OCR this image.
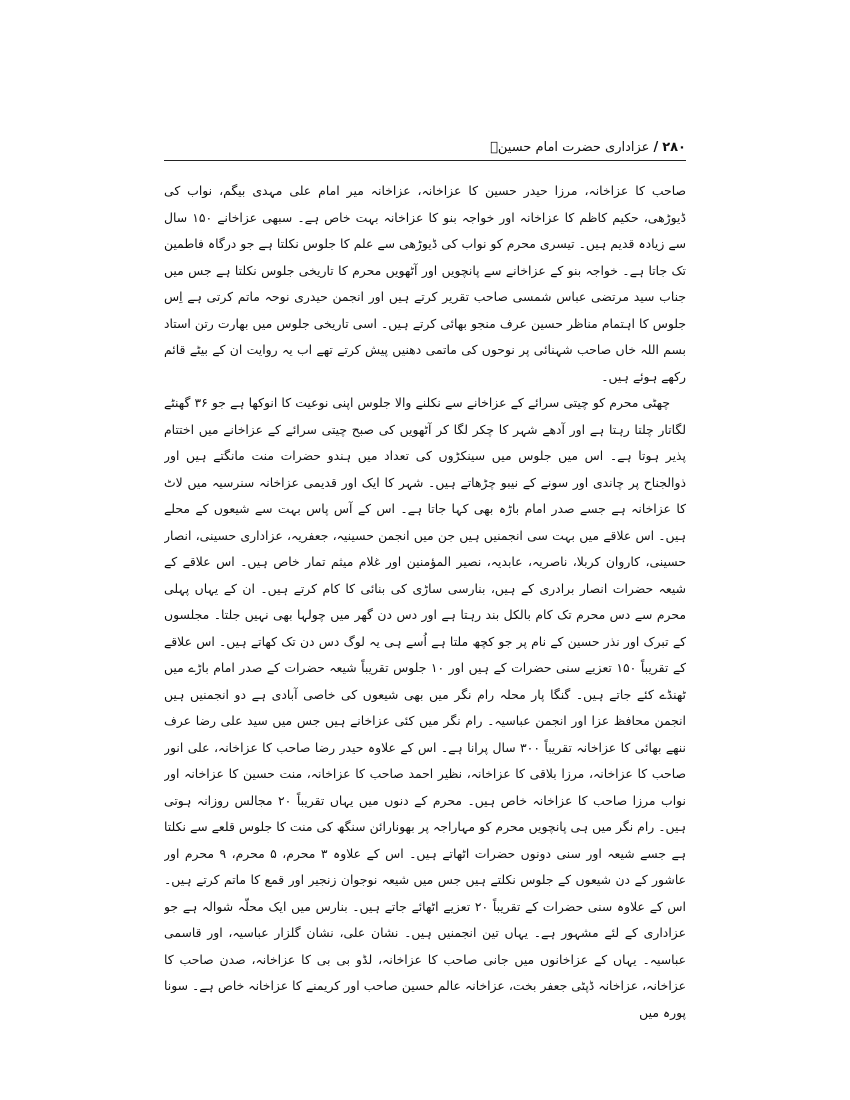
۲۸۰
/
عزاداری حضرت امام حسینؑ

صاحب کا عزاخانہ، مرزا حیدر حسین کا عزاخانہ، عزاخانہ میر امام علی مہدی بیگم، نواب کی ڈیوڑھی، حکیم کاظم کا عزاخانہ اور خواجہ بنو کا عزاخانہ بہت خاص ہے۔ سبھی عزاخانے ۱۵۰ سال سے زیادہ قدیم ہیں۔ تیسری محرم کو نواب کی ڈیوڑھی سے علم کا جلوس نکلتا ہے جو درگاہ فاطمین تک جاتا ہے۔ خواجہ بنو کے عزاخانے سے پانچویں اور آٹھویں محرم کا تاریخی جلوس نکلتا ہے جس میں جناب سید مرتضی عباس شمسی صاحب تقریر کرتے ہیں اور انجمن حیدری نوحہ ماتم کرتی ہے اِس جلوس کا اہتمام مناظر حسین عرف منجو بھائی کرتے ہیں۔ اسی تاریخی جلوس میں بھارت رتن استاد بسم اللہ خاں صاحب شہنائی پر نوحوں کی ماتمی دھنیں پیش کرتے تھے اب یہ روایت ان کے بیٹے قائم رکھے ہوئے ہیں۔

چھٹی محرم کو چیتی سرائے کے عزاخانے سے نکلنے والا جلوس اپنی نوعیت کا انوکھا ہے جو ۳۶ گھنٹے لگاتار چلتا رہتا ہے اور آدھے شہر کا چکر لگا کر آٹھویں کی صبح چیتی سرائے کے عزاخانے میں اختتام پذیر ہوتا ہے۔ اس میں جلوس میں سینکڑوں کی تعداد میں ہندو حضرات منت مانگتے ہیں اور ذوالجناح پر چاندی اور سونے کے نیبو چڑھاتے ہیں۔ شہر کا ایک اور قدیمی عزاخانہ سنرسیہ میں لاٹ کا عزاخانہ ہے جسے صدر امام باڑہ بھی کہا جاتا ہے۔ اس کے آس پاس بہت سے شیعوں کے محلے ہیں۔ اس علاقے میں بہت سی انجمنیں ہیں جن میں انجمن حسینیہ، جعفریہ، عزاداری حسینی، انصار حسینی، کاروان کربلا، ناصریہ، عابدیہ، نصیر المؤمنین اور غلام میثم تمار خاص ہیں۔ اس علاقے کے شیعہ حضرات انصار برادری کے ہیں، بنارسی ساڑی کی بنائی کا کام کرتے ہیں۔ ان کے یہاں پہلی محرم سے دس محرم تک کام بالکل بند رہتا ہے اور دس دن گھر میں چولہا بھی نہیں جلتا۔ مجلسوں کے تبرک اور نذر حسین کے نام پر جو کچھ ملتا ہے اُسے ہی یہ لوگ دس دن تک کھاتے ہیں۔ اس علاقے کے تقریباً ۱۵۰ تعزیے سنی حضرات کے ہیں اور ۱۰ جلوس تقریباً شیعہ حضرات کے صدر امام باڑے میں ٹھنڈے کئے جاتے ہیں۔ گنگا پار محلہ رام نگر میں بھی شیعوں کی خاصی آبادی ہے دو انجمنیں ہیں انجمن محافظ عزا اور انجمن عباسیہ۔ رام نگر میں کئی عزاخانے ہیں جس میں سید علی رضا عرف ننھے بھائی کا عزاخانہ تقریباً ۳۰۰ سال پرانا ہے۔ اس کے علاوہ حیدر رضا صاحب کا عزاخانہ، علی انور صاحب کا عزاخانہ، مرزا بلاقی کا عزاخانہ، نظیر احمد صاحب کا عزاخانہ، منت حسین کا عزاخانہ اور نواب مرزا صاحب کا عزاخانہ خاص ہیں۔ محرم کے دنوں میں یہاں تقریباً ۲۰ مجالس روزانہ ہوتی ہیں۔ رام نگر میں ہی پانچویں محرم کو مہاراجہ پر بھونارائن سنگھ کی منت کا جلوس قلعے سے نکلتا ہے جسے شیعہ اور سنی دونوں حضرات اٹھاتے ہیں۔ اس کے علاوہ ۳ محرم، ۵ محرم، ۹ محرم اور عاشور کے دن شیعوں کے جلوس نکلتے ہیں جس میں شیعہ نوجوان زنجیر اور قمع کا ماتم کرتے ہیں۔ اس کے علاوہ سنی حضرات کے تقریباً ۲۰ تعزیے اٹھائے جاتے ہیں۔ بنارس میں ایک محلّہ شوالہ ہے جو عزاداری کے لئے مشہور ہے۔ یہاں تین انجمنیں ہیں۔ نشان علی، نشان گلزار عباسیہ، اور قاسمی عباسیہ۔ یہاں کے عزاخانوں میں جانی صاحب کا عزاخانہ، لڈو بی بی کا عزاخانہ، صدن صاحب کا عزاخانہ، عزاخانہ ڈپٹی جعفر بخت، عزاخانہ عالم حسین صاحب اور کریمنے کا عزاخانہ خاص ہے۔ سونا پورہ میں
